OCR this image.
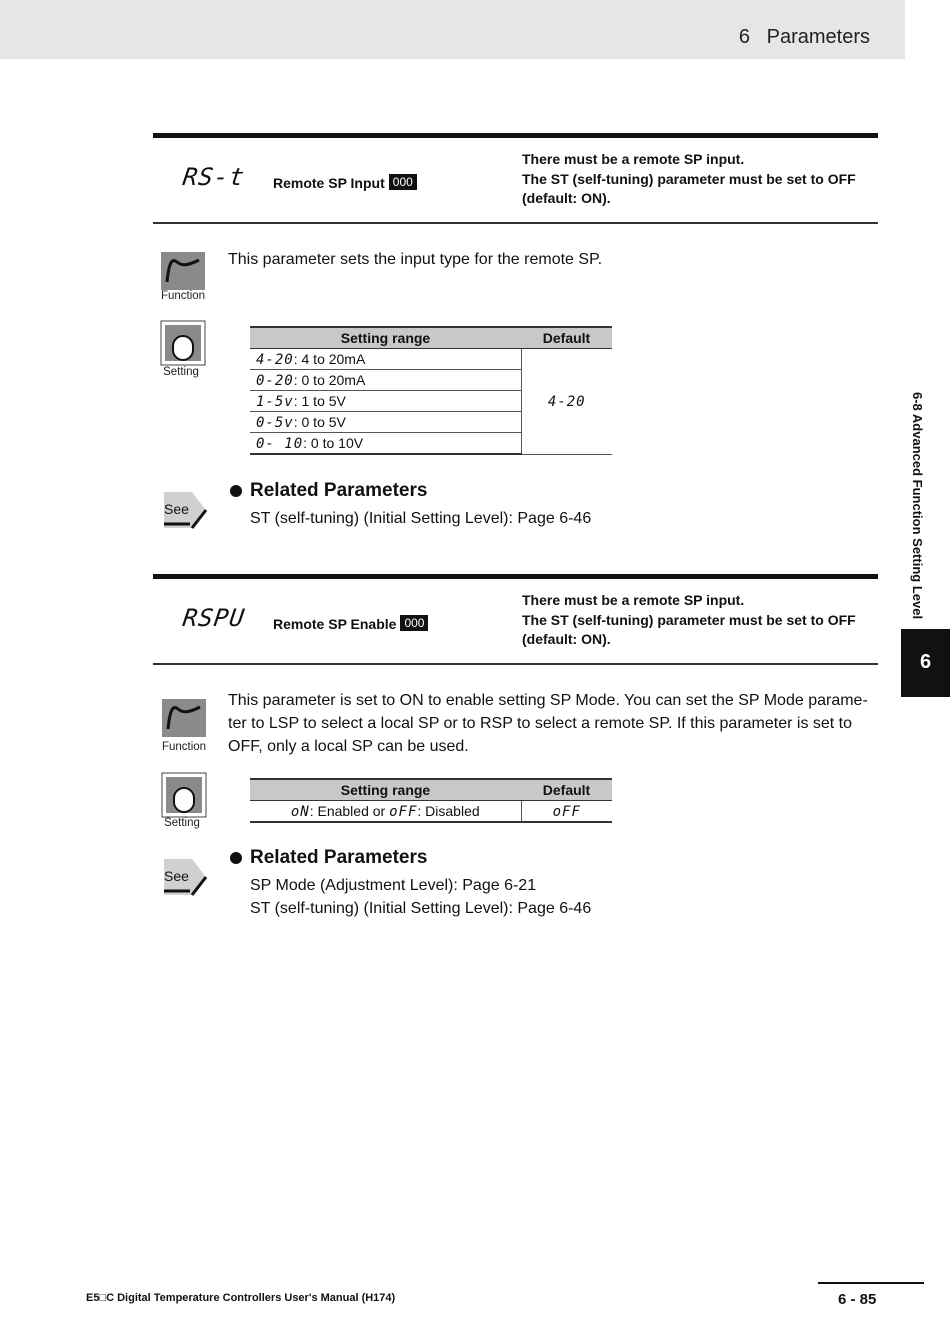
6   Parameters
RS-t Remote SP Input 000
There must be a remote SP input.
The ST (self-tuning) parameter must be set to OFF
(default: ON).
Function
This parameter sets the input type for the remote SP.
Setting
Setting range	Default
4-20: 4 to 20mA	4-20
0-20: 0 to 20mA	
1-5v: 1 to 5V	
0-5v: 0 to 5V	
0- 10: 0 to 10V	
See
Related Parameters
ST (self-tuning) (Initial Setting Level): Page 6-46
RSPU Remote SP Enable 000
There must be a remote SP input.
The ST (self-tuning) parameter must be set to OFF
(default: ON).
Function
This parameter is set to ON to enable setting SP Mode. You can set the SP Mode parame-
ter to LSP to select a local SP or to RSP to select a remote SP. If this parameter is set to
OFF, only a local SP can be used.
Setting
Setting range	Default
oN: Enabled or oFF: Disabled	oFF
See
Related Parameters
SP Mode (Adjustment Level): Page 6-21
ST (self-tuning) (Initial Setting Level): Page 6-46
6-8 Advanced Function Setting Level
6
E5□C Digital Temperature Controllers User's Manual (H174)	6 - 85
